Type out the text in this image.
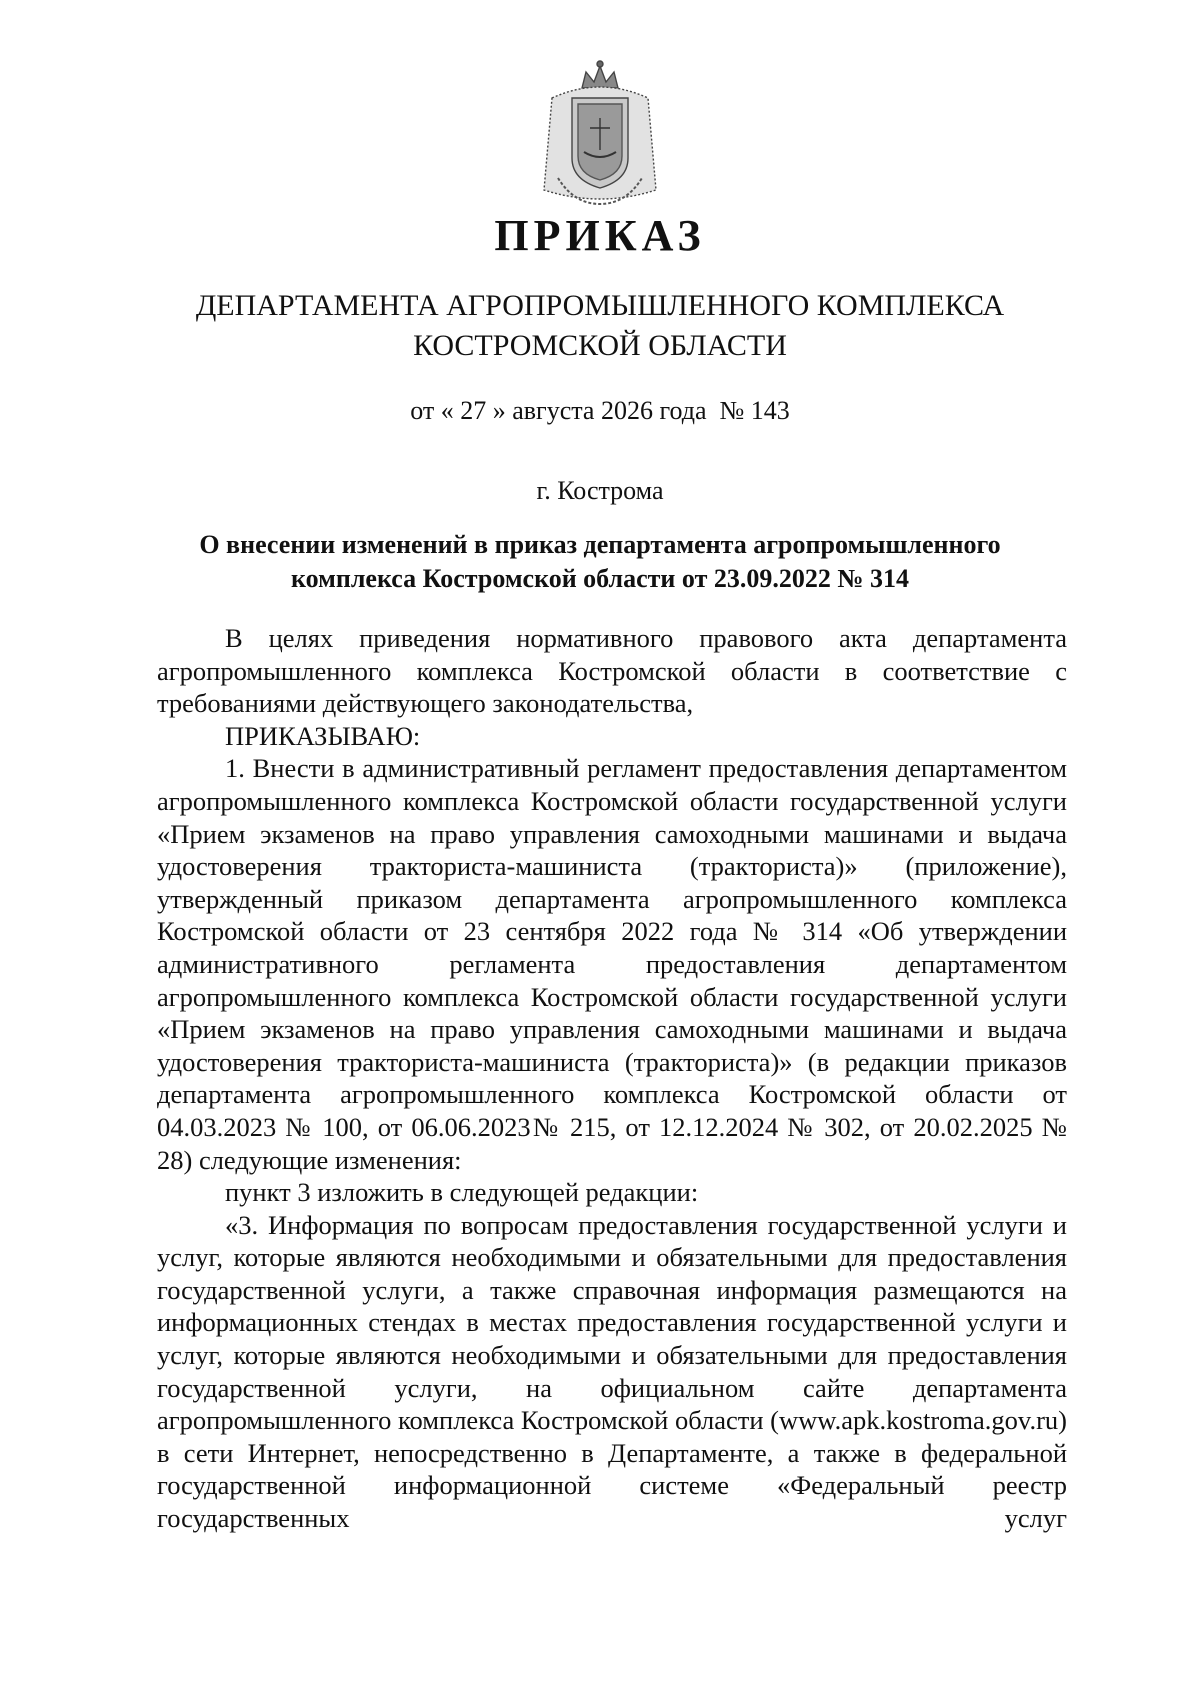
ПРИКАЗ
ДЕПАРТАМЕНТА АГРОПРОМЫШЛЕННОГО КОМПЛЕКСА
КОСТРОМСКОЙ ОБЛАСТИ
от « 27 » августа 2026 года  № 143
г. Кострома
О внесении изменений в приказ департамента агропромышленного
комплекса Костромской области от 23.09.2022 № 314

В целях приведения нормативного правового акта департамента агропромышленного комплекса Костромской области в соответствие с требованиями действующего законодательства,

ПРИКАЗЫВАЮ:

1. Внести в административный регламент предоставления департаментом агропромышленного комплекса Костромской области государственной услуги «Прием экзаменов на право управления самоходными машинами и выдача удостоверения тракториста-машиниста (тракториста)» (приложение), утвержденный приказом департамента агропромышленного комплекса Костромской области от 23 сентября 2022 года № 314 «Об утверждении административного регламента предоставления департаментом агропромышленного комплекса Костромской области государственной услуги «Прием экзаменов на право управления самоходными машинами и выдача удостоверения тракториста-машиниста (тракториста)» (в редакции приказов департамента агропромышленного комплекса Костромской области от 04.03.2023 № 100, от 06.06.2023№ 215, от 12.12.2024 № 302, от 20.02.2025 № 28) следующие изменения:

пункт 3 изложить в следующей редакции:

«3. Информация по вопросам предоставления государственной услуги и услуг, которые являются необходимыми и обязательными для предоставления государственной услуги, а также справочная информация размещаются на информационных стендах в местах предоставления государственной услуги и услуг, которые являются необходимыми и обязательными для предоставления государственной услуги, на официальном сайте департамента агропромышленного комплекса Костромской области (www.apk.kostroma.gov.ru) в сети Интернет, непосредственно в Департаменте, а также в федеральной государственной информационной системе «Федеральный реестр государственных услуг
